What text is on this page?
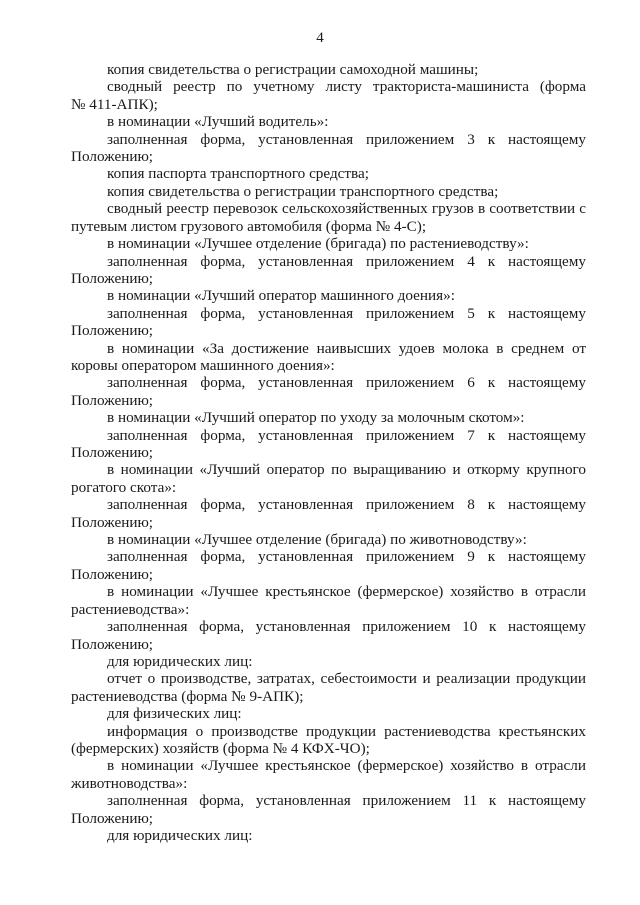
4
копия свидетельства о регистрации самоходной машины;
сводный реестр по учетному листу тракториста-машиниста (форма
№ 411-АПК);
в номинации «Лучший водитель»:
заполненная форма, установленная приложением 3 к настоящему
Положению;
копия паспорта транспортного средства;
копия свидетельства о регистрации транспортного средства;
сводный реестр перевозок сельскохозяйственных грузов в соответствии с
путевым листом грузового автомобиля (форма № 4-С);
в номинации «Лучшее отделение (бригада) по растениеводству»:
заполненная форма, установленная приложением 4 к настоящему
Положению;
в номинации «Лучший оператор машинного доения»:
заполненная форма, установленная приложением 5 к настоящему
Положению;
в номинации «За достижение наивысших удоев молока в среднем от
коровы оператором машинного доения»:
заполненная форма, установленная приложением 6 к настоящему
Положению;
в номинации «Лучший оператор по уходу за молочным скотом»:
заполненная форма, установленная приложением 7 к настоящему
Положению;
в номинации «Лучший оператор по выращиванию и откорму крупного
рогатого скота»:
заполненная форма, установленная приложением 8 к настоящему
Положению;
в номинации «Лучшее отделение (бригада) по животноводству»:
заполненная форма, установленная приложением 9 к настоящему
Положению;
в номинации «Лучшее крестьянское (фермерское) хозяйство в отрасли
растениеводства»:
заполненная форма, установленная приложением 10 к настоящему
Положению;
для юридических лиц:
отчет о производстве, затратах, себестоимости и реализации продукции
растениеводства (форма № 9-АПК);
для физических лиц:
информация о производстве продукции растениеводства крестьянских
(фермерских) хозяйств (форма № 4 КФХ-ЧО);
в номинации «Лучшее крестьянское (фермерское) хозяйство в отрасли
животноводства»:
заполненная форма, установленная приложением 11 к настоящему
Положению;
для юридических лиц:
